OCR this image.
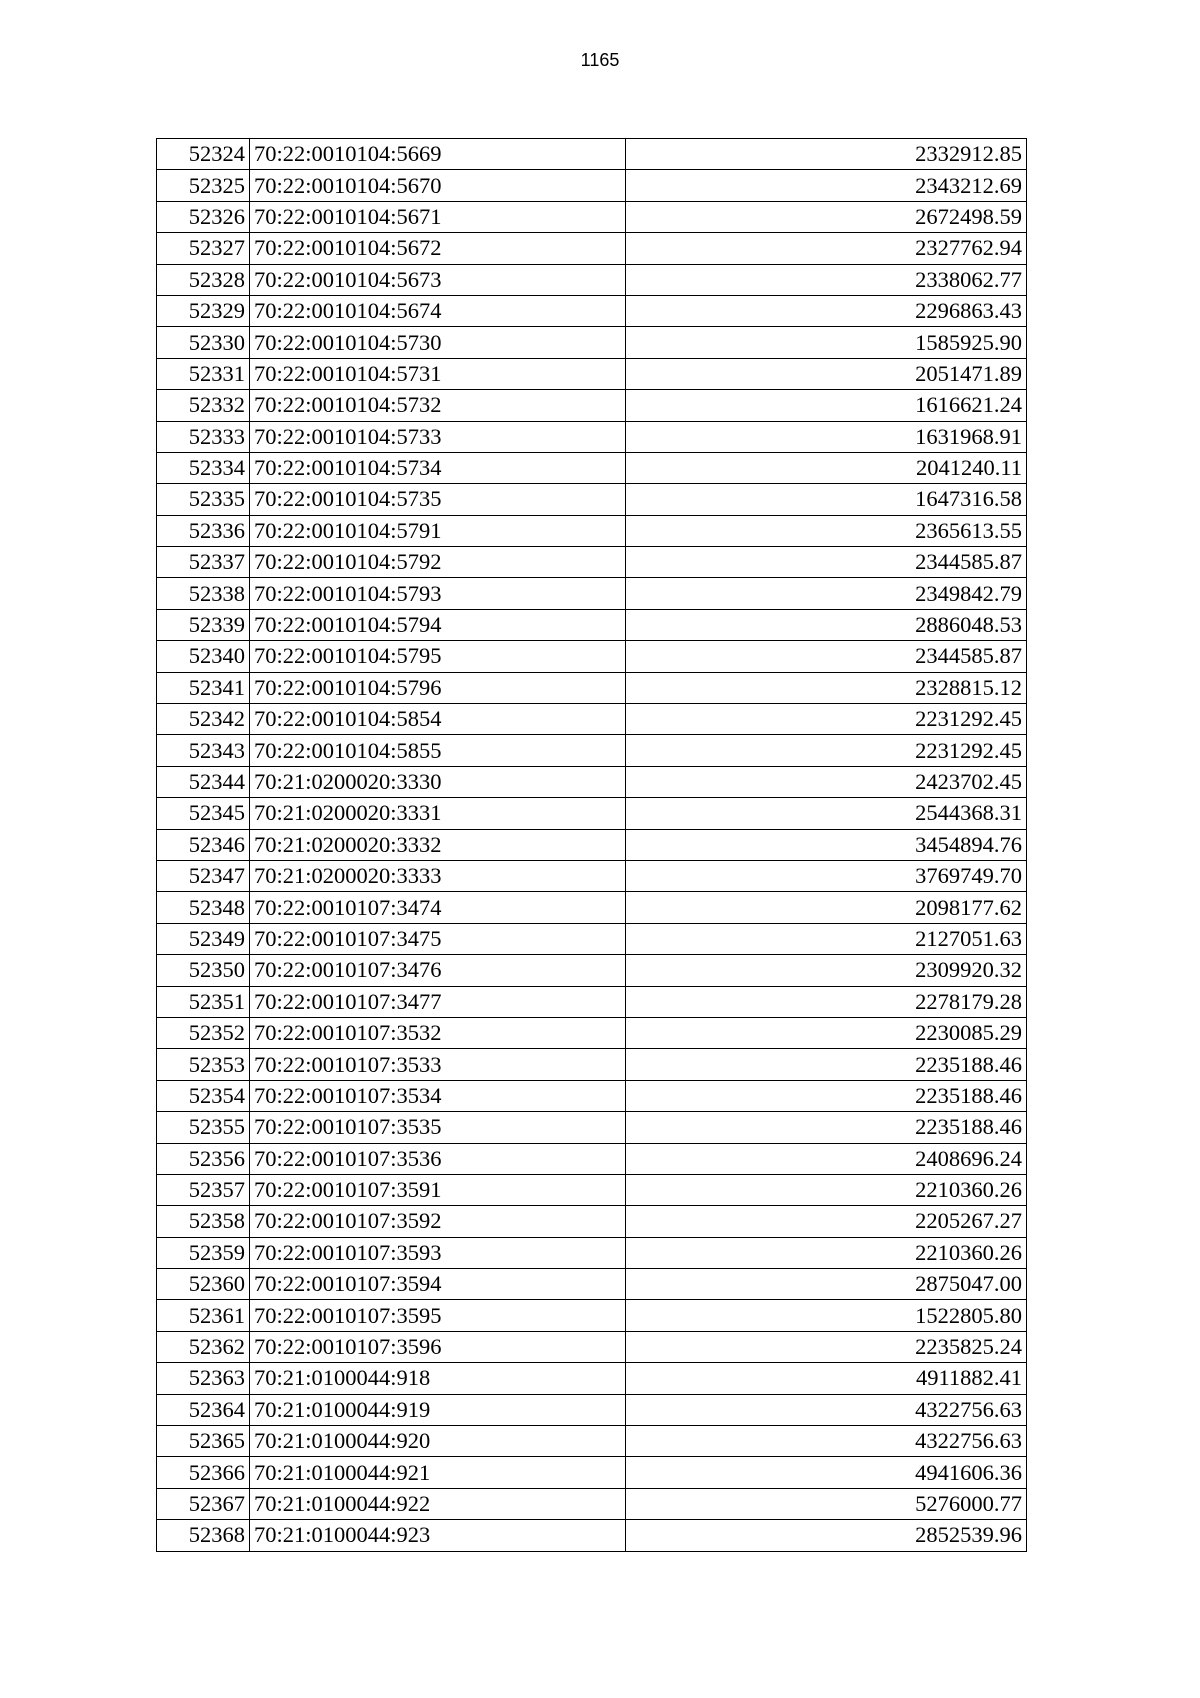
1165
52324	70:22:0010104:5669	2332912.85
52325	70:22:0010104:5670	2343212.69
52326	70:22:0010104:5671	2672498.59
52327	70:22:0010104:5672	2327762.94
52328	70:22:0010104:5673	2338062.77
52329	70:22:0010104:5674	2296863.43
52330	70:22:0010104:5730	1585925.90
52331	70:22:0010104:5731	2051471.89
52332	70:22:0010104:5732	1616621.24
52333	70:22:0010104:5733	1631968.91
52334	70:22:0010104:5734	2041240.11
52335	70:22:0010104:5735	1647316.58
52336	70:22:0010104:5791	2365613.55
52337	70:22:0010104:5792	2344585.87
52338	70:22:0010104:5793	2349842.79
52339	70:22:0010104:5794	2886048.53
52340	70:22:0010104:5795	2344585.87
52341	70:22:0010104:5796	2328815.12
52342	70:22:0010104:5854	2231292.45
52343	70:22:0010104:5855	2231292.45
52344	70:21:0200020:3330	2423702.45
52345	70:21:0200020:3331	2544368.31
52346	70:21:0200020:3332	3454894.76
52347	70:21:0200020:3333	3769749.70
52348	70:22:0010107:3474	2098177.62
52349	70:22:0010107:3475	2127051.63
52350	70:22:0010107:3476	2309920.32
52351	70:22:0010107:3477	2278179.28
52352	70:22:0010107:3532	2230085.29
52353	70:22:0010107:3533	2235188.46
52354	70:22:0010107:3534	2235188.46
52355	70:22:0010107:3535	2235188.46
52356	70:22:0010107:3536	2408696.24
52357	70:22:0010107:3591	2210360.26
52358	70:22:0010107:3592	2205267.27
52359	70:22:0010107:3593	2210360.26
52360	70:22:0010107:3594	2875047.00
52361	70:22:0010107:3595	1522805.80
52362	70:22:0010107:3596	2235825.24
52363	70:21:0100044:918	4911882.41
52364	70:21:0100044:919	4322756.63
52365	70:21:0100044:920	4322756.63
52366	70:21:0100044:921	4941606.36
52367	70:21:0100044:922	5276000.77
52368	70:21:0100044:923	2852539.96
